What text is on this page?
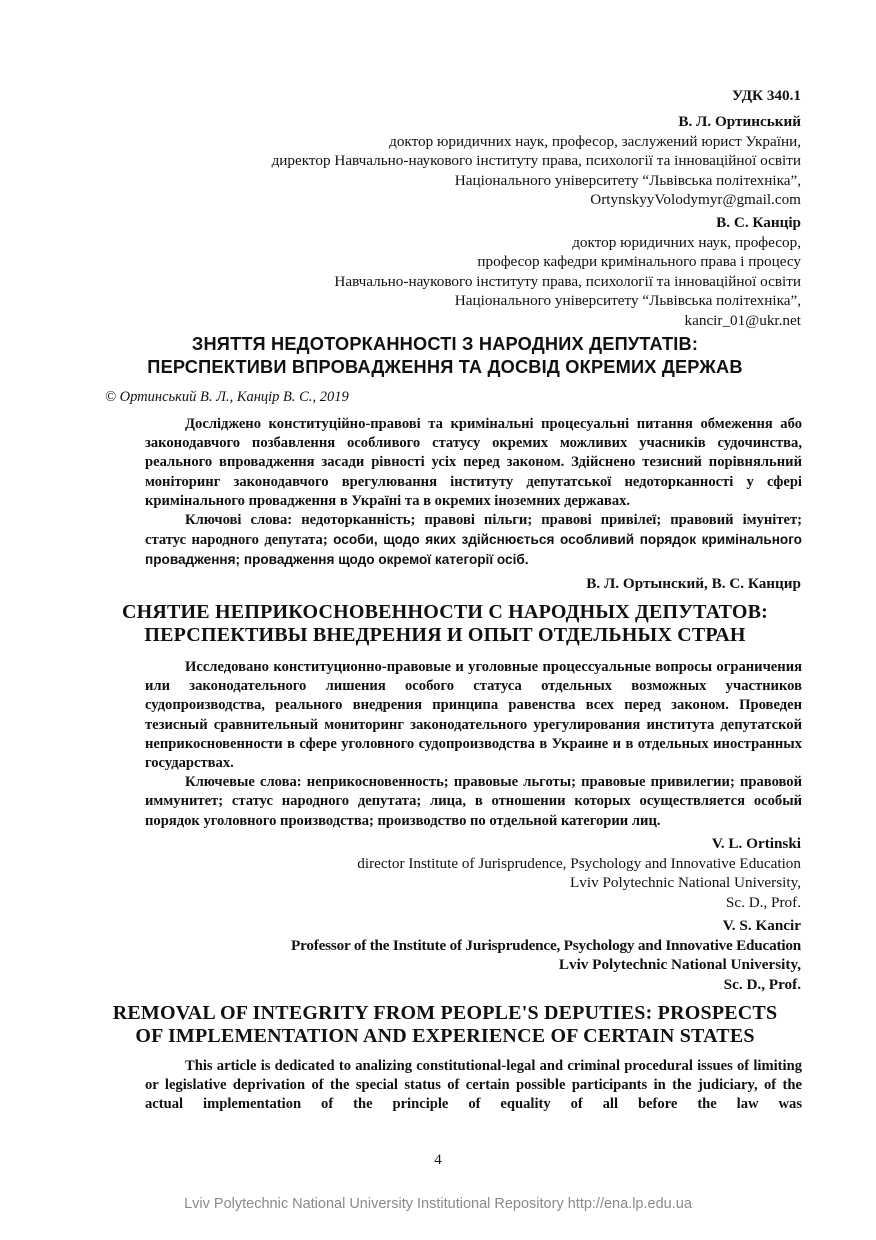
УДК 340.1
В. Л. Ортинський
доктор юридичних наук, професор, заслужений юрист України,
директор Навчально-наукового інституту права, психології та інноваційної освіти
Національного університету “Львівська політехніка”,
OrtynskyyVolodymyr@gmail.com
В. С. Канцір
доктор юридичних наук, професор,
професор кафедри кримінального права і процесу
Навчально-наукового інституту права, психології та інноваційної освіти
Національного університету “Львівська політехніка”,
kancir_01@ukr.net
ЗНЯТТЯ НЕДОТОРКАННОСТІ З НАРОДНИХ ДЕПУТАТІВ:
ПЕРСПЕКТИВИ ВПРОВАДЖЕННЯ ТА ДОСВІД ОКРЕМИХ ДЕРЖАВ
© Ортинський В. Л., Канцір В. С., 2019

Досліджено конституційно-правові та кримінальні процесуальні питання обмеження або законодавчого позбавлення особливого статусу окремих можливих учасників судочинства, реального впровадження засади рівності усіх перед законом. Здійснено тезисний порівняльний моніторинг законодавчого врегулювання інституту депутатської недоторканності у сфері кримінального провадження в Україні та в окремих іноземних державах.

Ключові слова: недоторканність; правові пільги; правові привілеї; правовий імунітет; статус народного депутата; особи, щодо яких здійснюється особливий порядок кримінального провадження; провадження щодо окремої категорії осіб.

В. Л. Ортынский, В. С. Канцир
СНЯТИЕ НЕПРИКОСНОВЕННОСТИ С НАРОДНЫХ ДЕПУТАТОВ:
ПЕРСПЕКТИВЫ ВНЕДРЕНИЯ И ОПЫТ ОТДЕЛЬНЫХ СТРАН

Исследовано конституционно-правовые и уголовные процессуальные вопросы ограничения или законодательного лишения особого статуса отдельных возможных участников судопроизводства, реального внедрения принципа равенства всех перед законом. Проведен тезисный сравнительный мониторинг законодательного урегулирования института депутатской неприкосновенности в сфере уголовного судопроизводства в Украине и в отдельных иностранных государствах.

Ключевые слова: неприкосновенность; правовые льготы; правовые привилегии; правовой иммунитет; статус народного депутата; лица, в отношении которых осуществляется особый порядок уголовного производства; производство по отдельной категории лиц.

V. L. Ortinski
director Institute of Jurisprudence, Psychology and Innovative Education
Lviv Polytechnic National University,
Sc. D., Prof.
V. S. Kancir
Professor of the Institute of Jurisprudence, Psychology and Innovative Education
Lviv Polytechnic National University,
Sc. D., Prof.
REMOVAL OF INTEGRITY FROM PEOPLE'S DEPUTIES: PROSPECTS
OF IMPLEMENTATION AND EXPERIENCE OF CERTAIN STATES

This article is dedicated to analizing constitutional-legal and criminal procedural issues of limiting or legislative deprivation of the special status of certain possible participants in the judiciary, of the actual implementation of the principle of equality of all before the law was

4
Lviv Polytechnic National University Institutional Repository http://ena.lp.edu.ua
